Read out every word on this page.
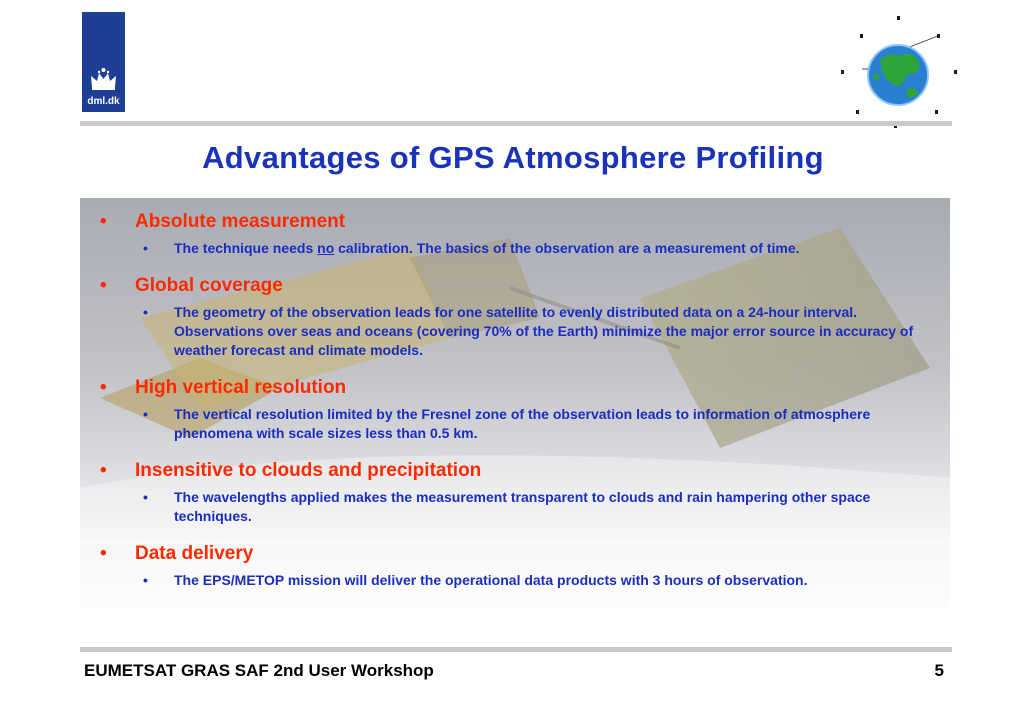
dml.dk
Advantages of GPS Atmosphere Profiling
•	Absolute measurement
•	The technique needs no calibration. The basics of the observation are a measurement of time.
•	Global coverage
•	The geometry of the observation leads for one satellite to evenly distributed data on a 24-hour interval. Observations over seas and oceans (covering 70% of the Earth) minimize the major error source in accuracy of weather forecast and climate models.
•	High vertical resolution
•	The vertical resolution limited by the Fresnel zone of the observation leads to information of atmosphere phenomena with scale sizes less than 0.5 km.
•	Insensitive to clouds and precipitation
•	The wavelengths applied makes the measurement transparent to clouds and rain hampering other space techniques.
•	Data delivery
•	The EPS/METOP mission will deliver the operational data products with 3 hours of observation.
EUMETSAT GRAS SAF 2nd User Workshop	5
